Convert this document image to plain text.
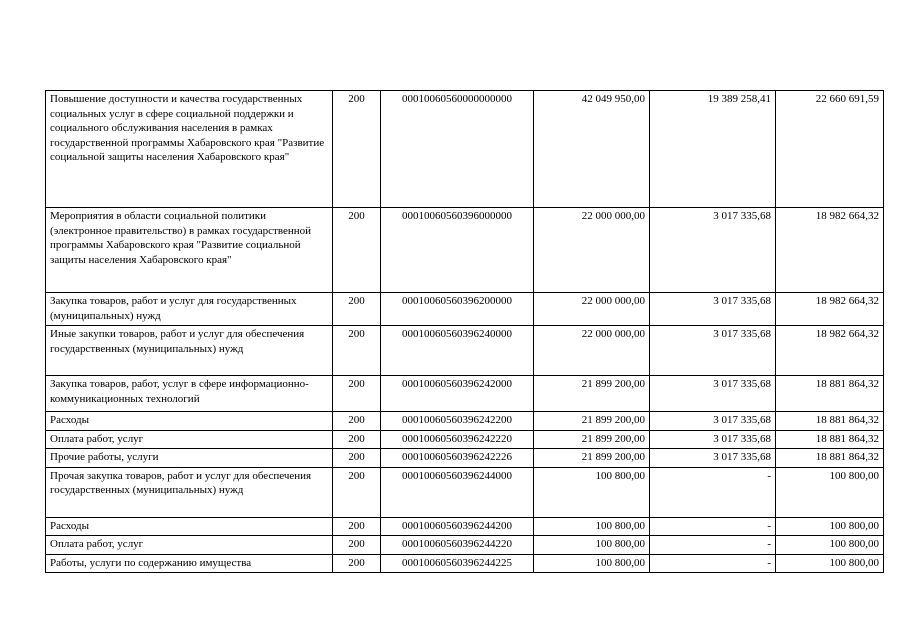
Повышение доступности и качества государственных социальных услуг в сфере социальной поддержки и социального обслуживания населения в рамках государственной программы Хабаровского края "Развитие социальной защиты населения Хабаровского края"	200	00010060560000000000	42 049 950,00	19 389 258,41	22 660 691,59
Мероприятия в области социальной политики (электронное правительство) в рамках государственной программы Хабаровского края "Развитие социальной защиты населения Хабаровского края"	200	00010060560396000000	22 000 000,00	3 017 335,68	18 982 664,32
Закупка товаров, работ и услуг для государственных (муниципальных) нужд	200	00010060560396200000	22 000 000,00	3 017 335,68	18 982 664,32
Иные закупки товаров, работ и услуг для обеспечения государственных (муниципальных) нужд	200	00010060560396240000	22 000 000,00	3 017 335,68	18 982 664,32
Закупка товаров, работ, услуг в сфере информационно-коммуникационных технологий	200	00010060560396242000	21 899 200,00	3 017 335,68	18 881 864,32
Расходы	200	00010060560396242200	21 899 200,00	3 017 335,68	18 881 864,32
Оплата работ, услуг	200	00010060560396242220	21 899 200,00	3 017 335,68	18 881 864,32
Прочие работы, услуги	200	00010060560396242226	21 899 200,00	3 017 335,68	18 881 864,32
Прочая закупка товаров, работ и услуг для обеспечения государственных (муниципальных) нужд	200	00010060560396244000	100 800,00	-	100 800,00
Расходы	200	00010060560396244200	100 800,00	-	100 800,00
Оплата работ, услуг	200	00010060560396244220	100 800,00	-	100 800,00
Работы, услуги по содержанию имущества	200	00010060560396244225	100 800,00	-	100 800,00
